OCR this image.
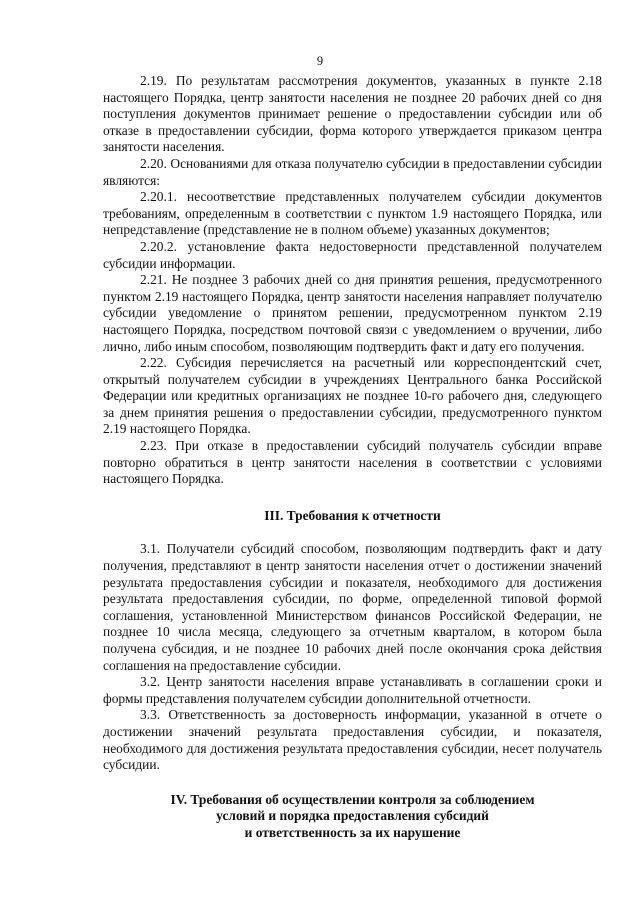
9

2.19. По результатам рассмотрения документов, указанных в пункте 2.18 настоящего Порядка, центр занятости населения не позднее 20 рабочих дней со дня поступления документов принимает решение о предоставлении субсидии или об отказе в предоставлении субсидии, форма которого утверждается приказом центра занятости населения.

2.20. Основаниями для отказа получателю субсидии в предоставлении субсидии являются:

2.20.1. несоответствие представленных получателем субсидии документов требованиям, определенным в соответствии с пунктом 1.9 настоящего Порядка, или непредставление (представление не в полном объеме) указанных документов;

2.20.2. установление факта недостоверности представленной получателем субсидии информации.

2.21. Не позднее 3 рабочих дней со дня принятия решения, предусмотренного пунктом 2.19 настоящего Порядка, центр занятости населения направляет получателю субсидии уведомление о принятом решении, предусмотренном пунктом 2.19 настоящего Порядка, посредством почтовой связи с уведомлением о вручении, либо лично, либо иным способом, позволяющим подтвердить факт и дату его получения.

2.22. Субсидия перечисляется на расчетный или корреспондентский счет, открытый получателем субсидии в учреждениях Центрального банка Российской Федерации или кредитных организациях не позднее 10-го рабочего дня, следующего за днем принятия решения о предоставлении субсидии, предусмотренного пунктом 2.19 настоящего Порядка.

2.23. При отказе в предоставлении субсидий получатель субсидии вправе повторно обратиться в центр занятости населения в соответствии с условиями настоящего Порядка.

III. Требования к отчетности

3.1. Получатели субсидий способом, позволяющим подтвердить факт и дату получения, представляют в центр занятости населения отчет о достижении значений результата предоставления субсидии и показателя, необходимого для достижения результата предоставления субсидии, по форме, определенной типовой формой соглашения, установленной Министерством финансов Российской Федерации, не позднее 10 числа месяца, следующего за отчетным кварталом, в котором была получена субсидия, и не позднее 10 рабочих дней после окончания срока действия соглашения на предоставление субсидии.

3.2. Центр занятости населения вправе устанавливать в соглашении сроки и формы представления получателем субсидии дополнительной отчетности.

3.3. Ответственность за достоверность информации, указанной в отчете о достижении значений результата предоставления субсидии, и показателя, необходимого для достижения результата предоставления субсидии, несет получатель субсидии.

IV. Требования об осуществлении контроля за соблюдением
условий и порядка предоставления субсидий
и ответственность за их нарушение
